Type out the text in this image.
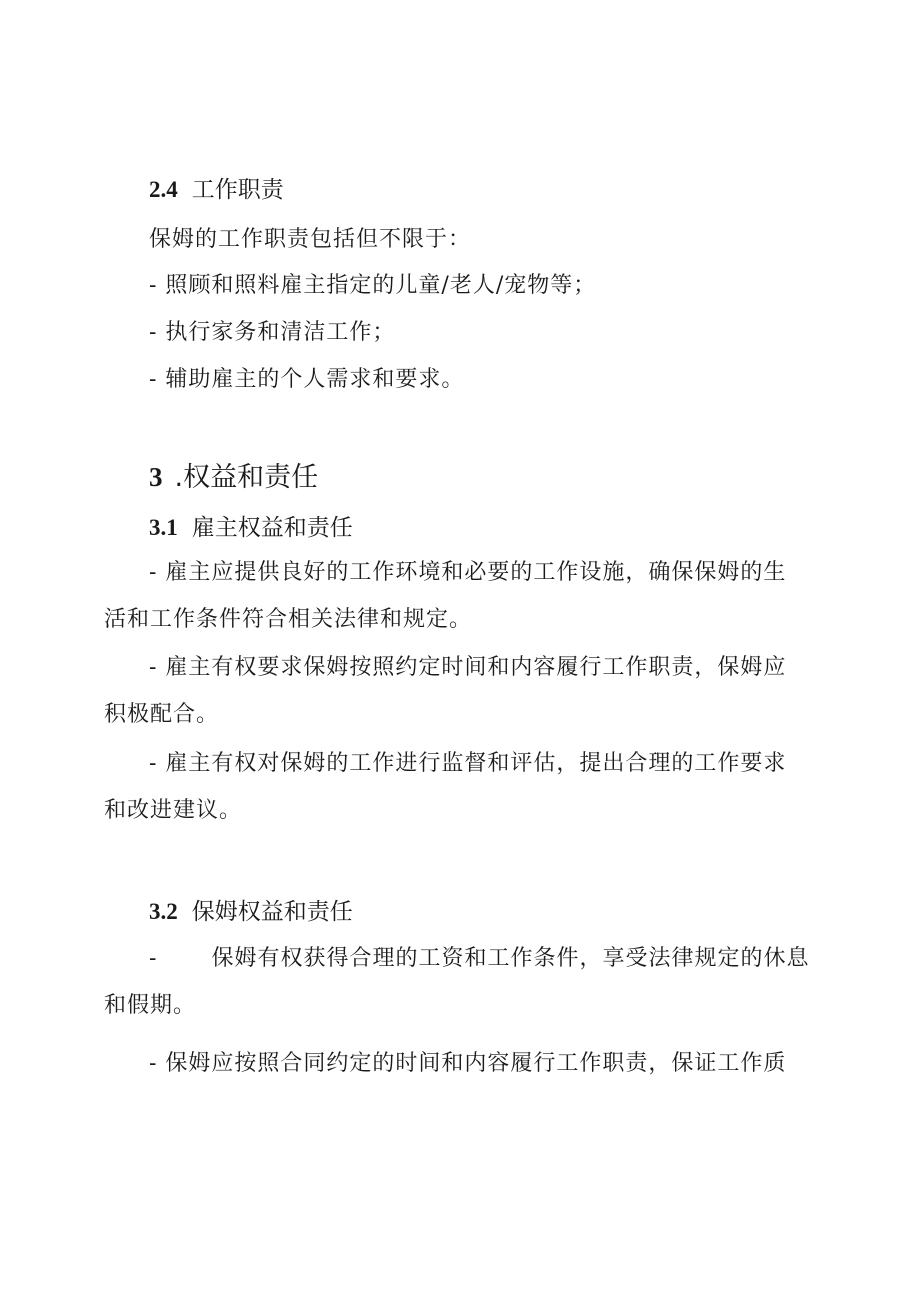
2.4 工作职责
保姆的工作职责包括但不限于：
- 照顾和照料雇主指定的儿童/老人/宠物等；
- 执行家务和清洁工作；
- 辅助雇主的个人需求和要求。
3 .权益和责任
3.1 雇主权益和责任
- 雇主应提供良好的工作环境和必要的工作设施，确保保姆的生
活和工作条件符合相关法律和规定。
- 雇主有权要求保姆按照约定时间和内容履行工作职责，保姆应
积极配合。
- 雇主有权对保姆的工作进行监督和评估，提出合理的工作要求
和改进建议。
3.2 保姆权益和责任
- 保姆有权获得合理的工资和工作条件，享受法律规定的休息
和假期。
- 保姆应按照合同约定的时间和内容履行工作职责，保证工作质
